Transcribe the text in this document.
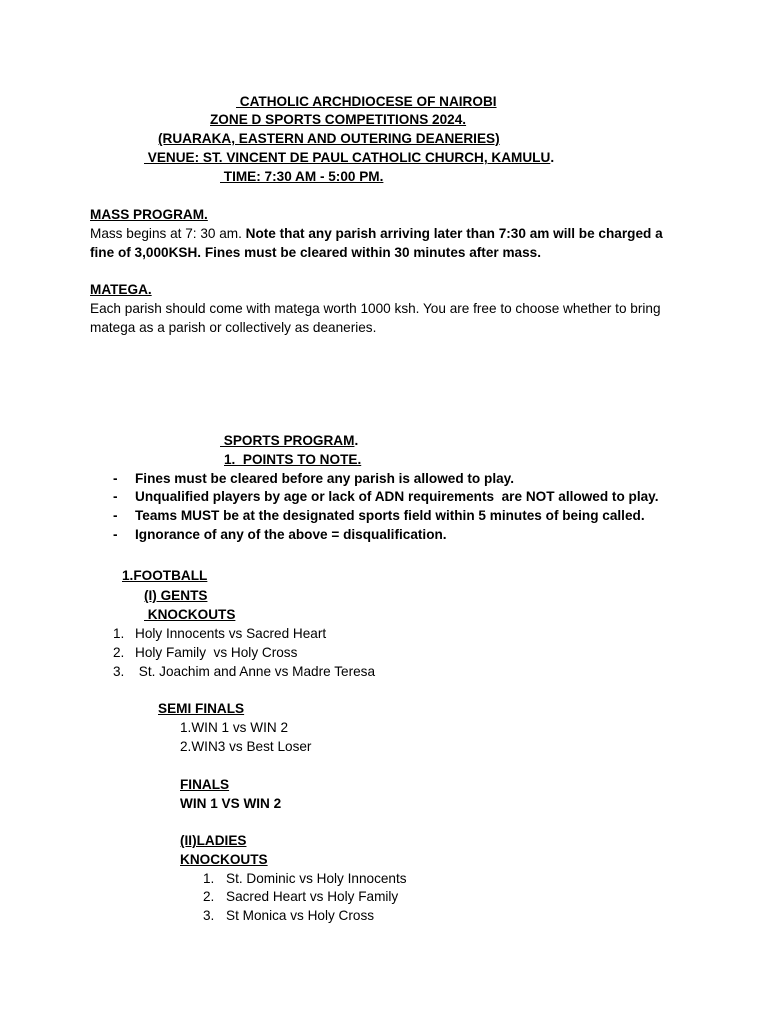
CATHOLIC ARCHDIOCESE OF NAIROBI
ZONE D SPORTS COMPETITIONS 2024.
(RUARAKA, EASTERN AND OUTERING DEANERIES)
VENUE: ST. VINCENT DE PAUL CATHOLIC CHURCH, KAMULU.
TIME: 7:30 AM - 5:00 PM.
MASS PROGRAM.
Mass begins at 7: 30 am. Note that any parish arriving later than 7:30 am will be charged a fine of 3,000KSH. Fines must be cleared within 30 minutes after mass.
MATEGA.
Each parish should come with matega worth 1000 ksh. You are free to choose whether to bring mategа as a parish or collectively as deaneries.
SPORTS PROGRAM.
1.  POINTS TO NOTE.
- Fines must be cleared before any parish is allowed to play.
- Unqualified players by age or lack of ADN requirements  are NOT allowed to play.
- Teams MUST be at the designated sports field within 5 minutes of being called.
- Ignorance of any of the above = disqualification.
1.FOOTBALL
(I) GENTS
KNOCKOUTS
1. Holy Innocents vs Sacred Heart
2. Holy Family  vs Holy Cross
3. St. Joachim and Anne vs Madre Teresa
SEMI FINALS
1.WIN 1 vs WIN 2
2.WIN3 vs Best Loser
FINALS
WIN 1 VS WIN 2
(II)LADIES
KNOCKOUTS
1. St. Dominic vs Holy Innocents
2. Sacred Heart vs Holy Family
3. St Monica vs Holy Cross
